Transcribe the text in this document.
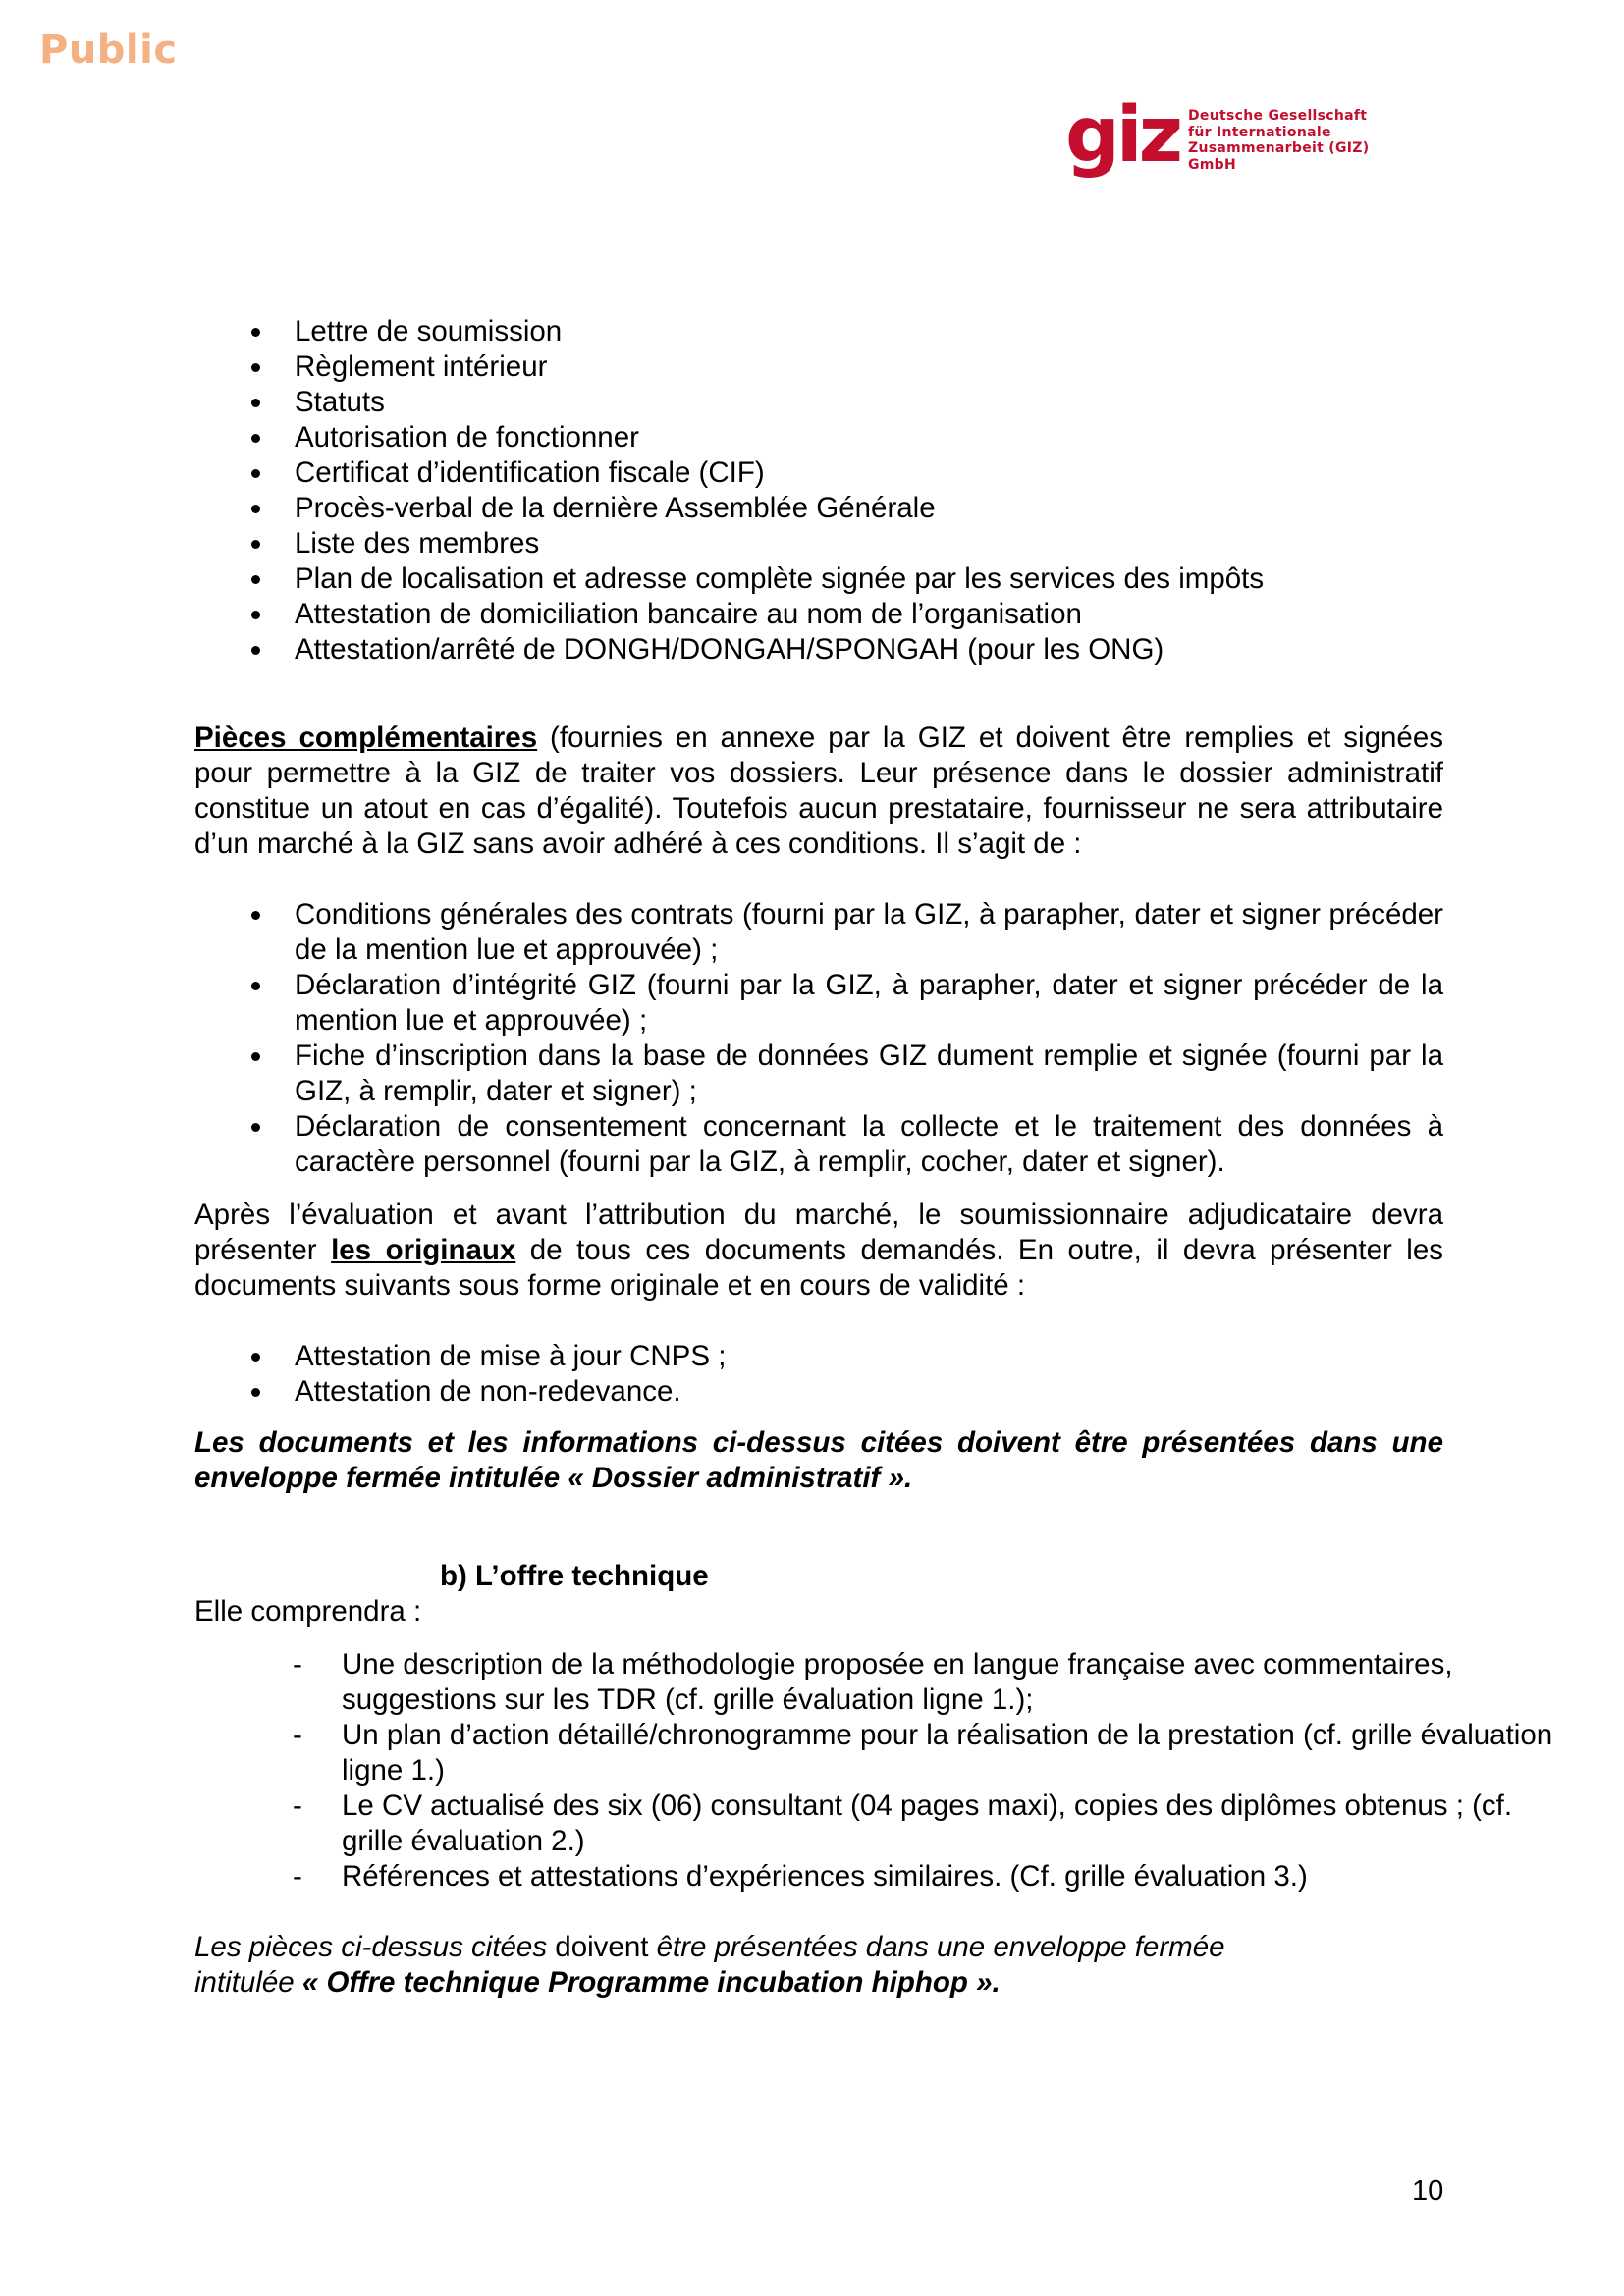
Public
giz Deutsche Gesellschaft
für Internationale
Zusammenarbeit (GIZ) GmbH
Lettre de soumission
Règlement intérieur
Statuts
Autorisation de fonctionner
Certificat d’identification fiscale (CIF)
Procès-verbal de la dernière Assemblée Générale
Liste des membres
Plan de localisation et adresse complète signée par les services des impôts
Attestation de domiciliation bancaire au nom de l’organisation
Attestation/arrêté de DONGH/DONGAH/SPONGAH (pour les ONG)

Pièces complémentaires (fournies en annexe par la GIZ et doivent être remplies et signées pour permettre à la GIZ de traiter vos dossiers. Leur présence dans le dossier administratif constitue un atout en cas d’égalité). Toutefois aucun prestataire, fournisseur ne sera attributaire d’un marché à la GIZ sans avoir adhéré à ces conditions. Il s’agit de :

Conditions générales des contrats (fourni par la GIZ, à parapher, dater et signer précéder de la mention lue et approuvée) ;
Déclaration d’intégrité GIZ (fourni par la GIZ, à parapher, dater et signer précéder de la mention lue et approuvée) ;
Fiche d’inscription dans la base de données GIZ dument remplie et signée (fourni par la GIZ, à remplir, dater et signer) ;
Déclaration de consentement concernant la collecte et le traitement des données à caractère personnel (fourni par la GIZ, à remplir, cocher, dater et signer).

Après l’évaluation et avant l’attribution du marché, le soumissionnaire adjudicataire devra présenter les originaux de tous ces documents demandés. En outre, il devra présenter les documents suivants sous forme originale et en cours de validité :

Attestation de mise à jour CNPS ;
Attestation de non-redevance.

Les documents et les informations ci-dessus citées doivent être présentées dans une enveloppe fermée intitulée « Dossier administratif ».

b) L’offre technique

Elle comprendra :

- Une description de la méthodologie proposée en langue française avec commentaires, suggestions sur les TDR (cf. grille évaluation ligne 1.);
- Un plan d’action détaillé/chronogramme pour la réalisation de la prestation (cf. grille évaluation ligne 1.)
- Le CV actualisé des six (06) consultant (04 pages maxi), copies des diplômes obtenus ; (cf. grille évaluation 2.)
- Références et attestations d’expériences similaires. (Cf. grille évaluation 3.)

Les pièces ci-dessus citées doivent être présentées dans une enveloppe fermée intitulée « Offre technique Programme incubation hiphop ».

10
